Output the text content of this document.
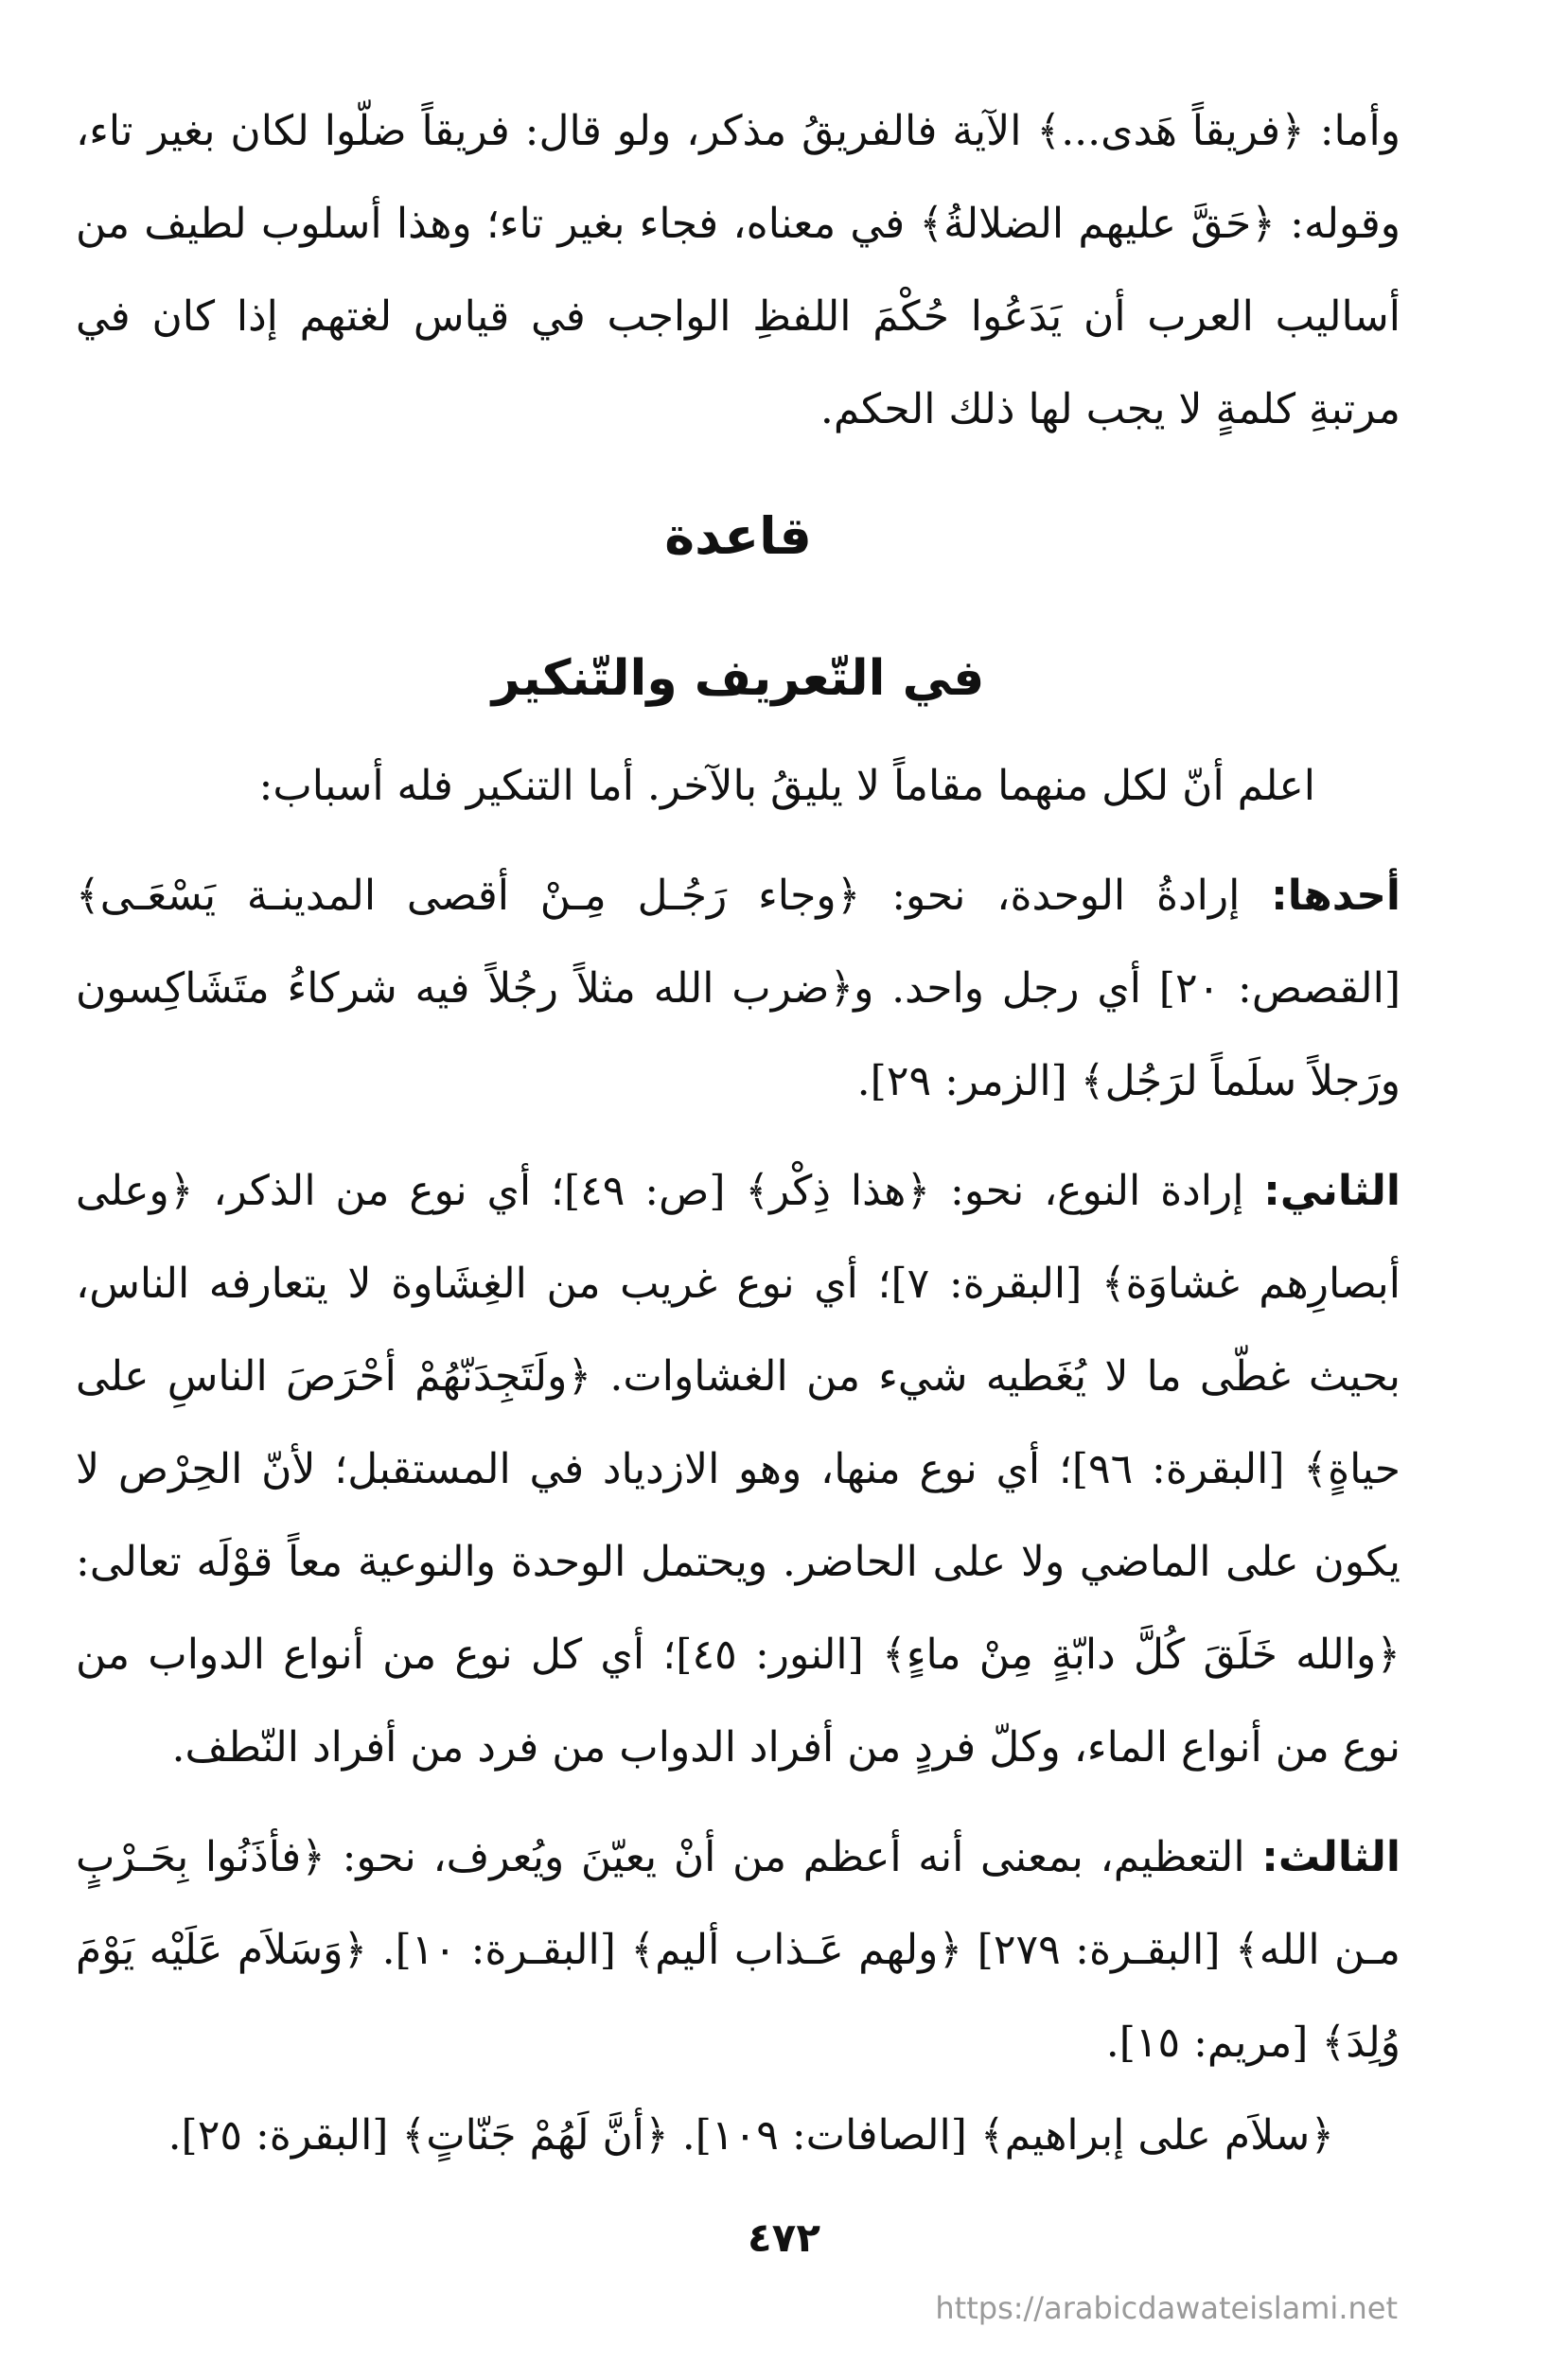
وأما: ﴿فريقاً هَدى...﴾ الآية فالفريقُ مذكر، ولو قال: فريقاً ضلّوا لكان بغير تاء، وقوله: ﴿حَقَّ عليهم الضلالةُ﴾ في معناه، فجاء بغير تاء؛ وهذا أسلوب لطيف من أساليب العرب أن يَدَعُوا حُكْمَ اللفظِ الواجب في قياس لغتهم إذا كان في مرتبةِ كلمةٍ لا يجب لها ذلك الحكم.

قاعدة
في التّعريف والتّنكير

اعلم أنّ لكل منهما مقاماً لا يليقُ بالآخر. أما التنكير فله أسباب:

أحدها: إرادةُ الوحدة، نحو: ﴿وجاء رَجُـل مِـنْ أقصى المدينـة يَسْعَـى﴾ [القصص: ٢٠] أي رجل واحد. و﴿ضرب الله مثلاً رجُلاً فيه شركاءُ متَشَاكِسون ورَجلاً سلَماً لرَجُل﴾ [الزمر: ٢٩].

الثاني: إرادة النوع، نحو: ﴿هذا ذِكْر﴾ [ص: ٤٩]؛ أي نوع من الذكر، ﴿وعلى أبصارِهم غشاوَة﴾ [البقرة: ٧]؛ أي نوع غريب من الغِشَاوة لا يتعارفه الناس، بحيث غطّى ما لا يُغَطيه شيء من الغشاوات. ﴿ولَتَجِدَنّهُمْ أحْرَصَ الناسِ على حياةٍ﴾ [البقرة: ٩٦]؛ أي نوع منها، وهو الازدياد في المستقبل؛ لأنّ الحِرْص لا يكون على الماضي ولا على الحاضر. ويحتمل الوحدة والنوعية معاً قوْلَه تعالى: ﴿والله خَلَقَ كُلَّ دابّةٍ مِنْ ماءٍ﴾ [النور: ٤٥]؛ أي كل نوع من أنواع الدواب من نوع من أنواع الماء، وكلّ فردٍ من أفراد الدواب من فرد من أفراد النّطف.

الثالث: التعظيم، بمعنى أنه أعظم من أنْ يعيّنَ ويُعرف، نحو: ﴿فأذَنُوا بِحَـرْبٍ مـن الله﴾ [البقـرة: ٢٧٩] ﴿ولهم عَـذاب أليم﴾ [البقـرة: ١٠]. ﴿وَسَلاَم عَلَيْه يَوْمَ وُلِدَ﴾ [مريم: ١٥].

﴿سلاَم على إبراهيم﴾ [الصافات: ١٠٩]. ﴿أنَّ لَهُمْ جَنّاتٍ﴾ [البقرة: ٢٥].

٤٧٢
https://arabicdawateislami.net
